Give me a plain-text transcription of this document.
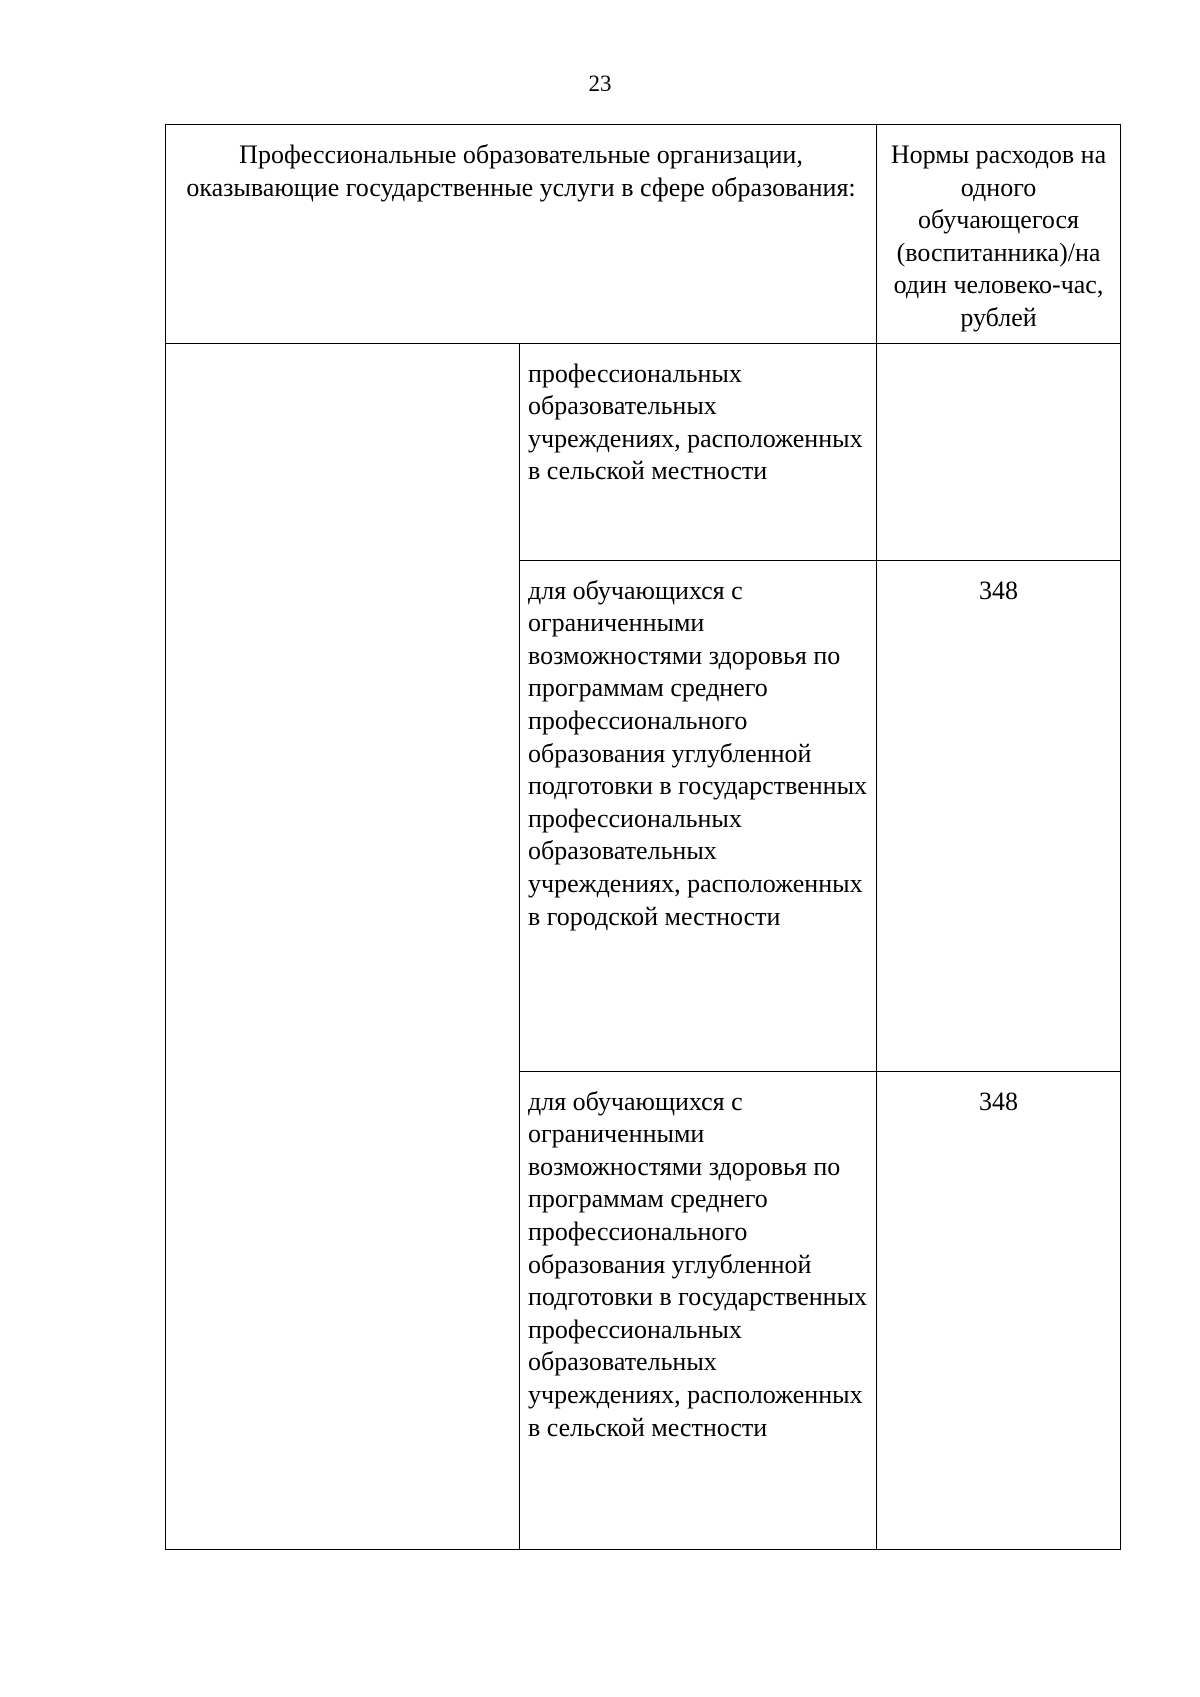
23
Профессиональные образовательные организации, оказывающие государственные услуги в сфере образования:		Нормы расходов на одного обучающегося (воспитанника)/на один человеко-час, рублей
	профессиональных образовательных учреждениях, расположенных в сельской местности	
	для обучающихся с ограниченными возможностями здоровья по программам среднего профессионального образования углубленной подготовки в государственных профессиональных образовательных учреждениях, расположенных в городской местности	348
	для обучающихся с ограниченными возможностями здоровья по программам среднего профессионального образования углубленной подготовки в государственных профессиональных образовательных учреждениях, расположенных в сельской местности	348
